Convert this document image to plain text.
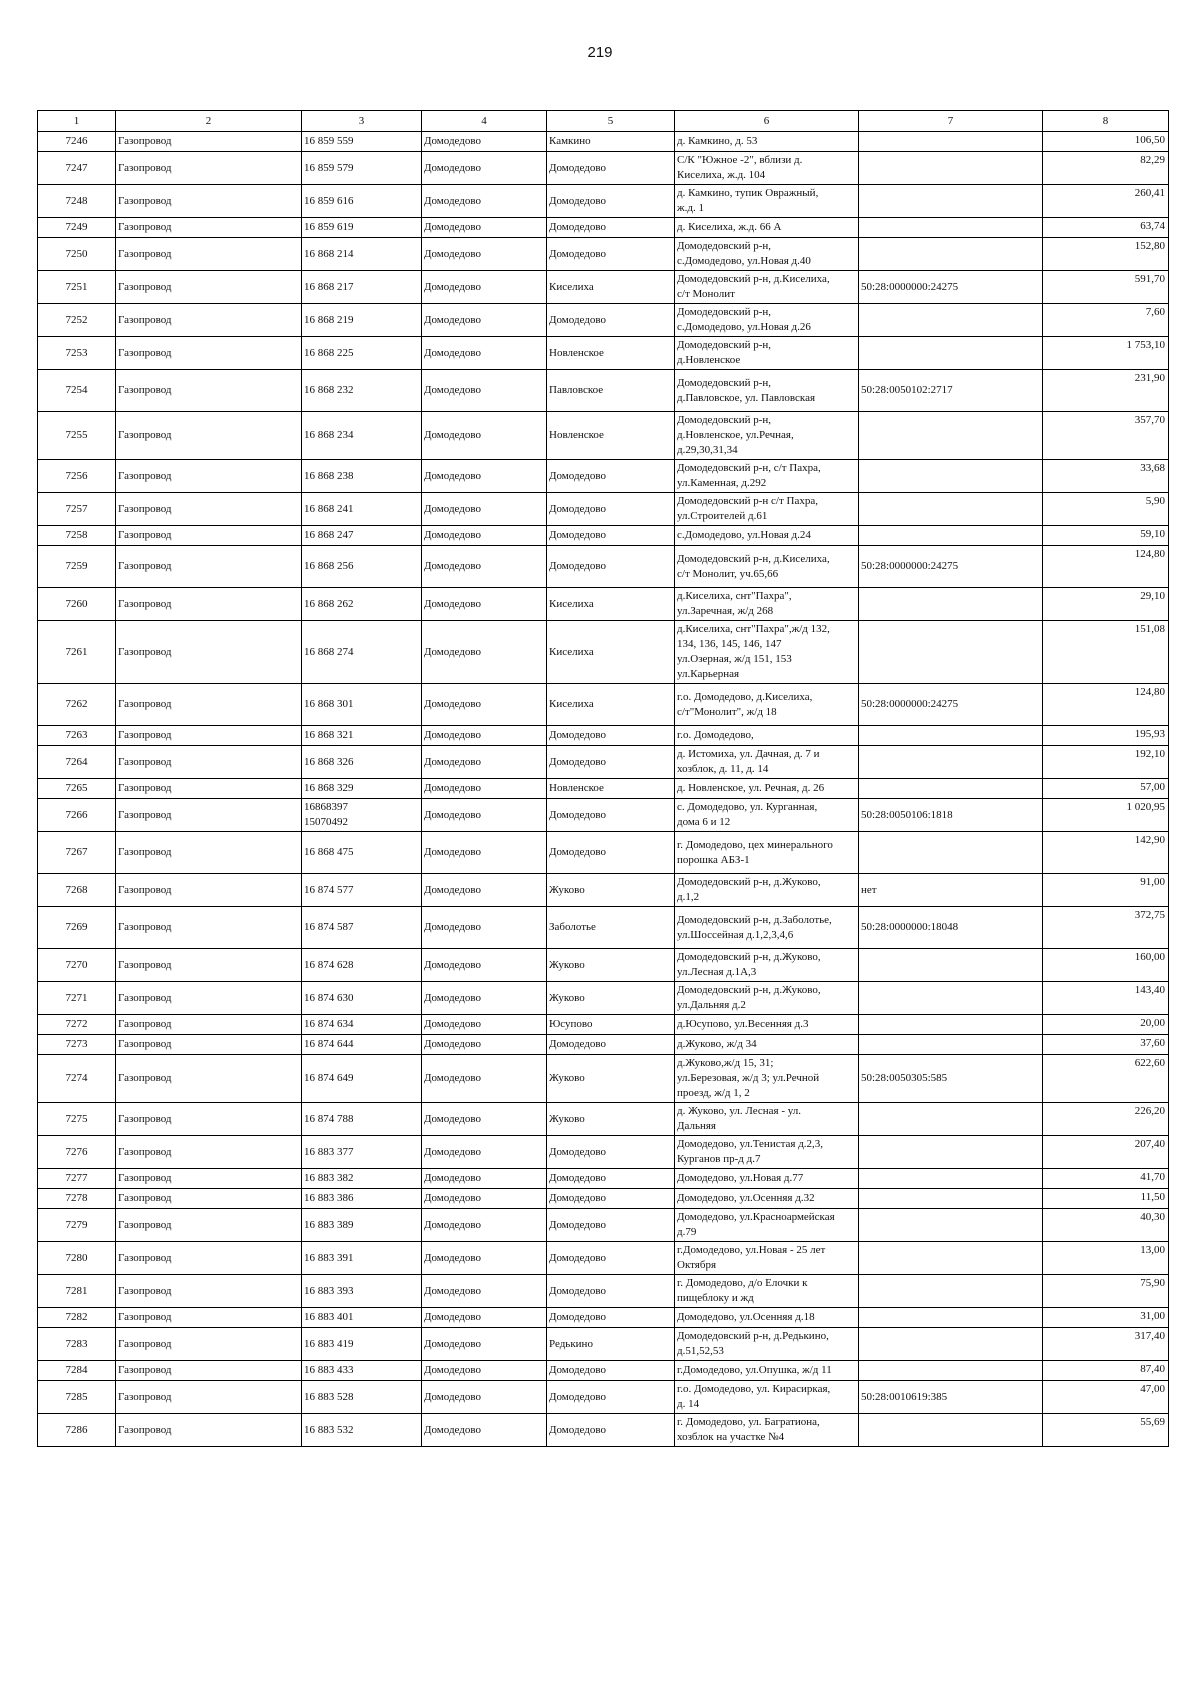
219
1	2	3	4	5	6	7	8
7246	Газопровод	16 859 559	Домодедово	Камкино	д. Камкино, д. 53		106,50
7247	Газопровод	16 859 579	Домодедово	Домодедово	С/К "Южное -2", вблизи д.
Киселиха, ж.д. 104		82,29
7248	Газопровод	16 859 616	Домодедово	Домодедово	д. Камкино, тупик Овражный,
ж.д. 1		260,41
7249	Газопровод	16 859 619	Домодедово	Домодедово	д. Киселиха, ж.д. 66 А		63,74
7250	Газопровод	16 868 214	Домодедово	Домодедово	Домодедовский р-н,
с.Домодедово, ул.Новая д.40		152,80
7251	Газопровод	16 868 217	Домодедово	Киселиха	Домодедовский р-н, д.Киселиха,
с/т Монолит	50:28:0000000:24275	591,70
7252	Газопровод	16 868 219	Домодедово	Домодедово	Домодедовский р-н,
с.Домодедово, ул.Новая д.26		7,60
7253	Газопровод	16 868 225	Домодедово	Новленское	Домодедовский р-н,
д.Новленское		1 753,10
7254	Газопровод	16 868 232	Домодедово	Павловское	Домодедовский р-н,
д.Павловское, ул. Павловская	50:28:0050102:2717	231,90
7255	Газопровод	16 868 234	Домодедово	Новленское	Домодедовский р-н,
д.Новленское, ул.Речная,
д.29,30,31,34		357,70
7256	Газопровод	16 868 238	Домодедово	Домодедово	Домодедовский р-н, с/т Пахра,
ул.Каменная, д.292		33,68
7257	Газопровод	16 868 241	Домодедово	Домодедово	Домодедовский р-н с/т Пахра,
ул.Строителей д.61		5,90
7258	Газопровод	16 868 247	Домодедово	Домодедово	с.Домодедово, ул.Новая д.24		59,10
7259	Газопровод	16 868 256	Домодедово	Домодедово	Домодедовский р-н, д.Киселиха,
с/т Монолит, уч.65,66	50:28:0000000:24275	124,80
7260	Газопровод	16 868 262	Домодедово	Киселиха	д.Киселиха, снт"Пахра",
ул.Заречная, ж/д 268		29,10
7261	Газопровод	16 868 274	Домодедово	Киселиха	д.Киселиха, снт"Пахра",ж/д 132,
134, 136, 145, 146, 147
ул.Озерная, ж/д 151, 153
ул.Карьерная		151,08
7262	Газопровод	16 868 301	Домодедово	Киселиха	г.о. Домодедово, д.Киселиха,
с/т"Монолит", ж/д 18	50:28:0000000:24275	124,80
7263	Газопровод	16 868 321	Домодедово	Домодедово	г.о. Домодедово,		195,93
7264	Газопровод	16 868 326	Домодедово	Домодедово	д. Истомиха, ул. Дачная, д. 7 и
хозблок, д. 11, д. 14		192,10
7265	Газопровод	16 868 329	Домодедово	Новленское	д. Новленское, ул. Речная, д. 26		57,00
7266	Газопровод	16868397
15070492	Домодедово	Домодедово	с. Домодедово, ул. Курганная,
дома 6 и 12	50:28:0050106:1818	1 020,95
7267	Газопровод	16 868 475	Домодедово	Домодедово	г. Домодедово, цех минерального
порошка АБЗ-1		142,90
7268	Газопровод	16 874 577	Домодедово	Жуково	Домодедовский р-н, д.Жуково,
д.1,2	нет	91,00
7269	Газопровод	16 874 587	Домодедово	Заболотье	Домодедовский р-н, д.Заболотье,
ул.Шоссейная д.1,2,3,4,6	50:28:0000000:18048	372,75
7270	Газопровод	16 874 628	Домодедово	Жуково	Домодедовский р-н, д.Жуково,
ул.Лесная д.1А,3		160,00
7271	Газопровод	16 874 630	Домодедово	Жуково	Домодедовский р-н, д.Жуково,
ул.Дальняя д.2		143,40
7272	Газопровод	16 874 634	Домодедово	Юсупово	д.Юсупово, ул.Весенняя д.3		20,00
7273	Газопровод	16 874 644	Домодедово	Домодедово	д.Жуково, ж/д 34		37,60
7274	Газопровод	16 874 649	Домодедово	Жуково	д.Жуково,ж/д 15, 31;
ул.Березовая, ж/д 3; ул.Речной
проезд, ж/д 1, 2	50:28:0050305:585	622,60
7275	Газопровод	16 874 788	Домодедово	Жуково	д. Жуково, ул. Лесная - ул.
Дальняя		226,20
7276	Газопровод	16 883 377	Домодедово	Домодедово	Домодедово, ул.Тенистая д.2,3,
Курганов пр-д д.7		207,40
7277	Газопровод	16 883 382	Домодедово	Домодедово	Домодедово, ул.Новая д.77		41,70
7278	Газопровод	16 883 386	Домодедово	Домодедово	Домодедово, ул.Осенняя д.32		11,50
7279	Газопровод	16 883 389	Домодедово	Домодедово	Домодедово, ул.Красноармейская
д.79		40,30
7280	Газопровод	16 883 391	Домодедово	Домодедово	г.Домодедово, ул.Новая - 25 лет
Октября		13,00
7281	Газопровод	16 883 393	Домодедово	Домодедово	г. Домодедово, д/о Елочки к
пищеблоку и жд		75,90
7282	Газопровод	16 883 401	Домодедово	Домодедово	Домодедово, ул.Осенняя д.18		31,00
7283	Газопровод	16 883 419	Домодедово	Редькино	Домодедовский р-н, д.Редькино,
д.51,52,53		317,40
7284	Газопровод	16 883 433	Домодедово	Домодедово	г.Домодедово, ул.Опушка, ж/д 11		87,40
7285	Газопровод	16 883 528	Домодедово	Домодедово	г.о. Домодедово, ул. Кирасиркая,
д. 14	50:28:0010619:385	47,00
7286	Газопровод	16 883 532	Домодедово	Домодедово	г. Домодедово, ул. Багратиона,
хозблок на участке №4		55,69
